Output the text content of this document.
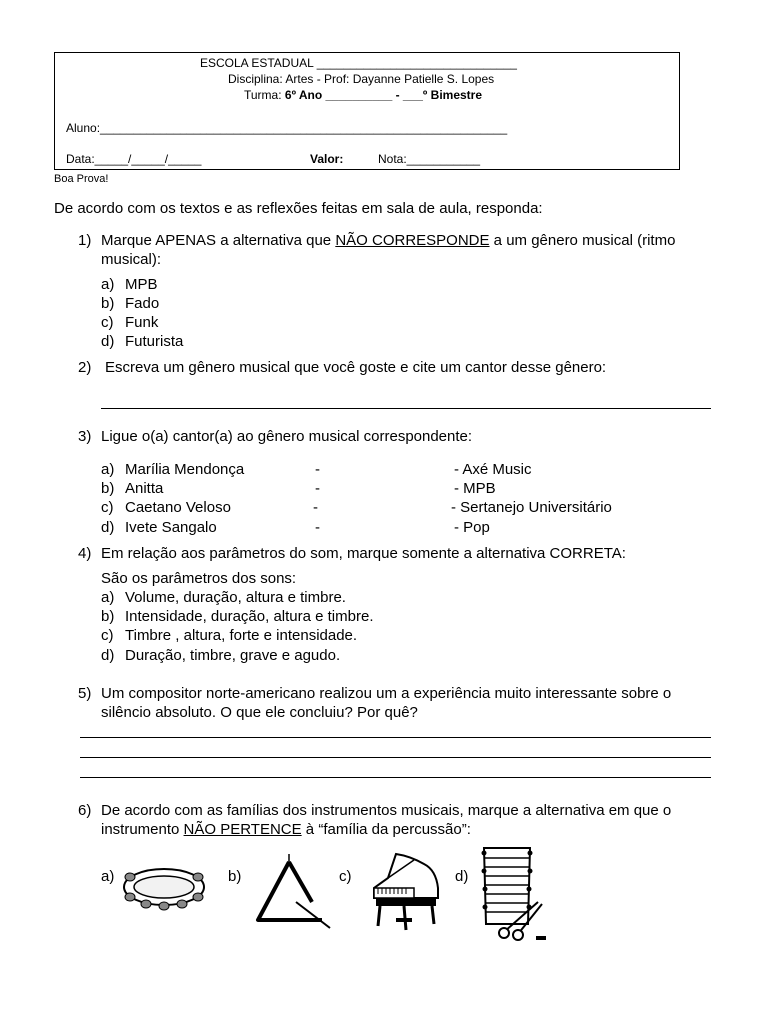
ESCOLA ESTADUAL ______________________________
Disciplina: Artes - Prof: Dayanne Patielle S. Lopes
Turma: 6º Ano __________ - ___º Bimestre
Aluno:_____________________________________________________________
Data:_____/_____/_____	Valor:	Nota:___________
Boa Prova!
De acordo com os textos e as reflexões feitas em sala de aula, responda:
1) Marque APENAS a alternativa que NÃO CORRESPONDE a um gênero musical (ritmo
musical):
a) MPB
b) Fado
c) Funk
d) Futurista
2) Escreva um gênero musical que você goste e cite um cantor desse gênero:
3) Ligue o(a) cantor(a) ao gênero musical correspondente:
a) Marília Mendonça	-	- Axé Music
b) Anitta	-	- MPB
c) Caetano Veloso	-	- Sertanejo Universitário
d) Ivete Sangalo	-	- Pop
4) Em relação aos parâmetros do som, marque somente a alternativa CORRETA:
São os parâmetros dos sons:
a) Volume, duração, altura e timbre.
b) Intensidade, duração, altura e timbre.
c) Timbre , altura, forte e intensidade.
d) Duração, timbre, grave e agudo.
5) Um compositor norte-americano realizou um a experiência muito interessante sobre o
silêncio absoluto. O que ele concluiu? Por quê?
6) De acordo com as famílias dos instrumentos musicais, marque a alternativa em que o
instrumento NÃO PERTENCE à “família da percussão”:
a)	b)	c)	d)
